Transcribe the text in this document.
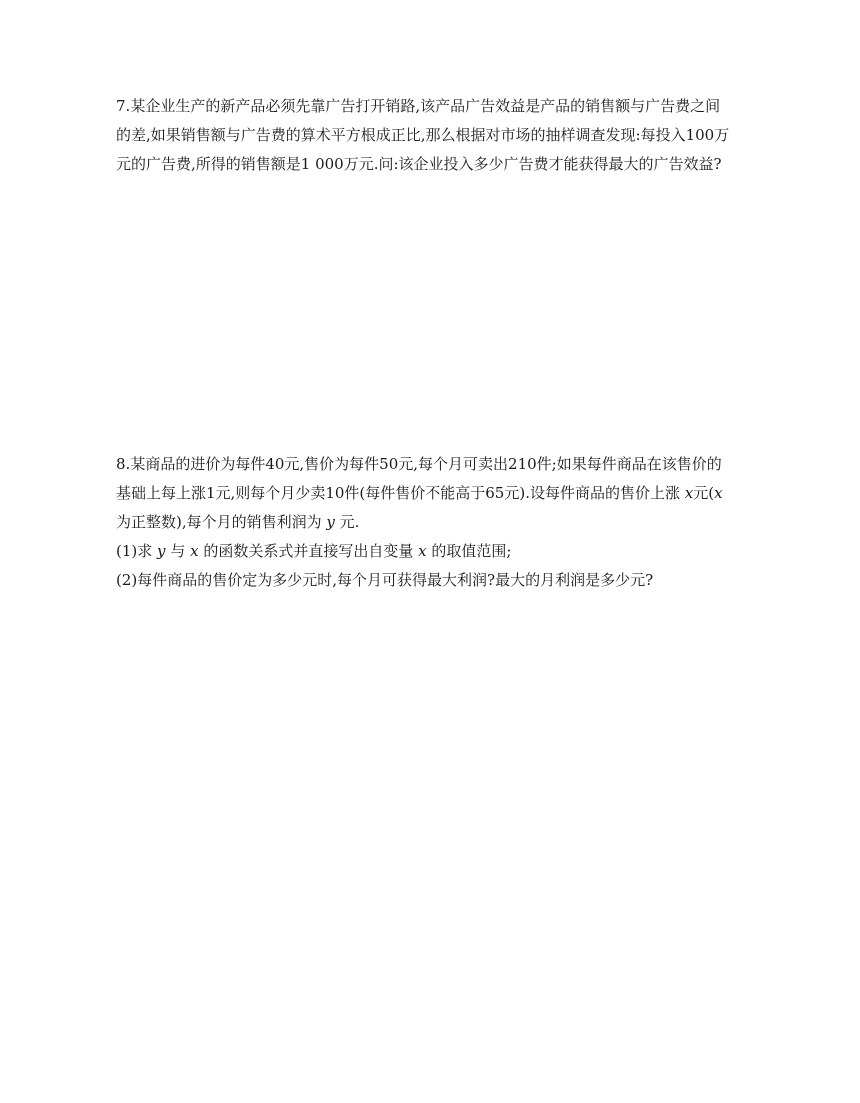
7.某企业生产的新产品必须先靠广告打开销路,该产品广告效益是产品的销售额与广告费之间
的差,如果销售额与广告费的算术平方根成正比,那么根据对市场的抽样调查发现:每投入100万
元的广告费,所得的销售额是1 000万元.问:该企业投入多少广告费才能获得最大的广告效益?
8.某商品的进价为每件40元,售价为每件50元,每个月可卖出210件;如果每件商品在该售价的
基础上每上涨1元,则每个月少卖10件(每件售价不能高于65元).设每件商品的售价上涨 x元(x
为正整数),每个月的销售利润为 y 元.
(1)求 y 与 x 的函数关系式并直接写出自变量 x 的取值范围;
(2)每件商品的售价定为多少元时,每个月可获得最大利润?最大的月利润是多少元?
